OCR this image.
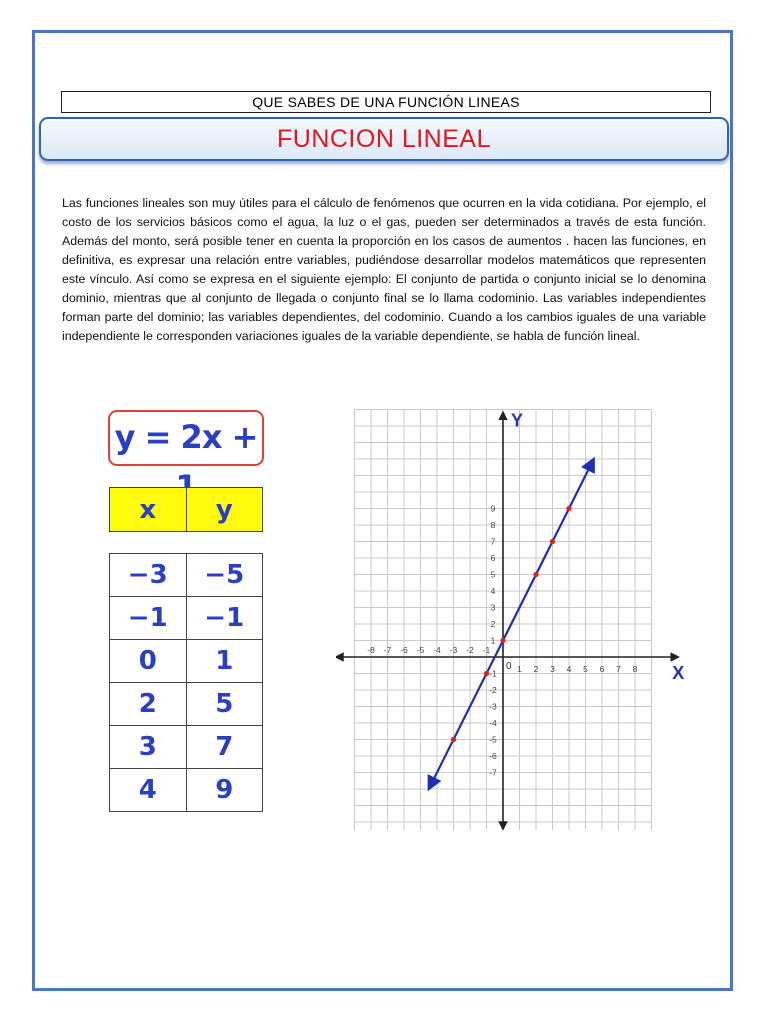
QUE SABES DE UNA FUNCIÓN LINEAS
FUNCION LINEAL
Las funciones lineales son muy útiles para el cálculo de fenómenos que ocurren en la vida cotidiana. Por ejemplo, el costo de los servicios básicos como el agua, la luz o el gas, pueden ser determinados a través de esta función. Además del monto, será posible tener en cuenta la proporción en los casos de aumentos . hacen las funciones, en definitiva, es expresar una relación entre variables, pudiéndose desarrollar modelos matemáticos que representen este vínculo. Así como se expresa en el siguiente ejemplo: El conjunto de partida o conjunto inicial se lo denomina dominio, mientras que al conjunto de llegada o conjunto final se lo llama codominio. Las variables independientes forman parte del dominio; las variables dependientes, del codominio. Cuando a los cambios iguales de una variable independiente le corresponden variaciones iguales de la variable dependiente, se habla de función lineal.
y = 2x +
x	y
−3	−5
−1	−1
0	1
2	5
3	7
4	9
-8 -7 -6 -5 -4 -3 -2 -1
1 2 3 4 5 6 7 8
1
2
3
4
5
6
7
8
9
-1
-2
-3
-4
-5
-6
-7
0	X
Y
